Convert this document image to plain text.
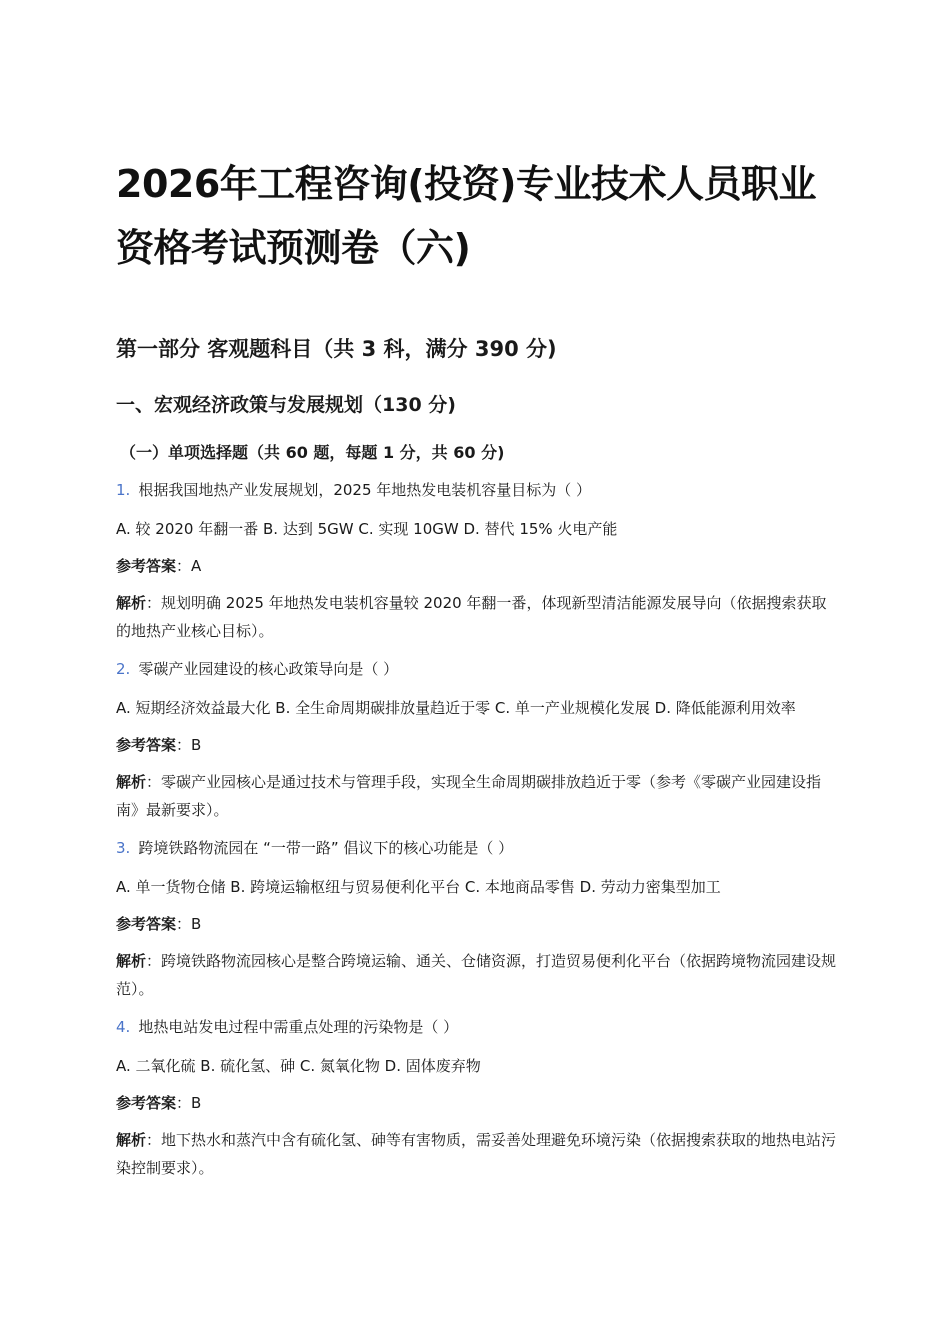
2026年工程咨询(投资)专业技术人员职业资格考试预测卷（六)
第一部分 客观题科目（共 3 科，满分 390 分)
一、宏观经济政策与发展规划（130 分)
（一）单项选择题（共 60 题，每题 1 分，共 60 分)
1. 根据我国地热产业发展规划，2025 年地热发电装机容量目标为（ ）
A. 较 2020 年翻一番 B. 达到 5GW C. 实现 10GW D. 替代 15% 火电产能
参考答案：A
解析：规划明确 2025 年地热发电装机容量较 2020 年翻一番，体现新型清洁能源发展导向（依据搜索获取的地热产业核心目标）。
2. 零碳产业园建设的核心政策导向是（ ）
A. 短期经济效益最大化 B. 全生命周期碳排放量趋近于零 C. 单一产业规模化发展 D. 降低能源利用效率
参考答案：B
解析：零碳产业园核心是通过技术与管理手段，实现全生命周期碳排放趋近于零（参考《零碳产业园建设指南》最新要求）。
3. 跨境铁路物流园在 “一带一路” 倡议下的核心功能是（ ）
A. 单一货物仓储 B. 跨境运输枢纽与贸易便利化平台 C. 本地商品零售 D. 劳动力密集型加工
参考答案：B
解析：跨境铁路物流园核心是整合跨境运输、通关、仓储资源，打造贸易便利化平台（依据跨境物流园建设规范）。
4. 地热电站发电过程中需重点处理的污染物是（ ）
A. 二氧化硫 B. 硫化氢、砷 C. 氮氧化物 D. 固体废弃物
参考答案：B
解析：地下热水和蒸汽中含有硫化氢、砷等有害物质，需妥善处理避免环境污染（依据搜索获取的地热电站污染控制要求）。
